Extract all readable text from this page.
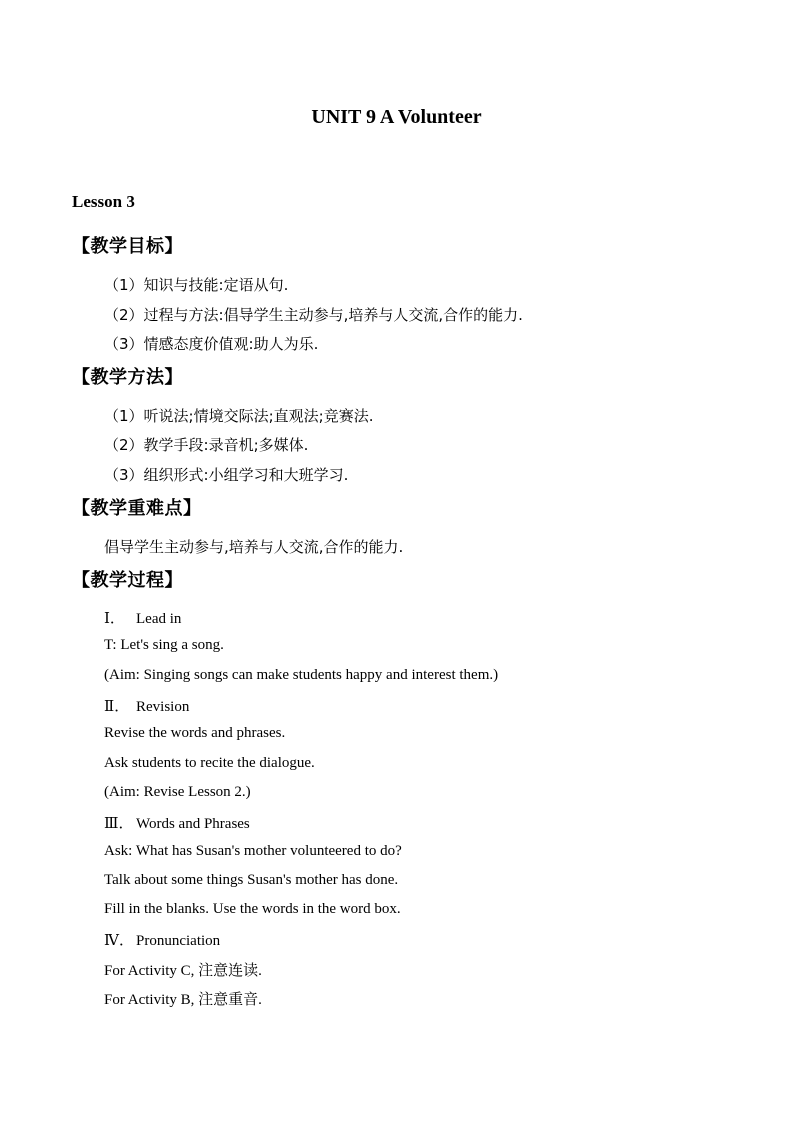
UNIT 9 A Volunteer
Lesson 3
【教学目标】
（1）知识与技能:定语从句.
（2）过程与方法:倡导学生主动参与,培养与人交流,合作的能力.
（3）情感态度价值观:助人为乐.
【教学方法】
（1）听说法;情境交际法;直观法;竞赛法.
（2）教学手段:录音机;多媒体.
（3）组织形式:小组学习和大班学习.
【教学重难点】
倡导学生主动参与,培养与人交流,合作的能力.
【教学过程】
Ⅰ． Lead in
T: Let's sing a song.
(Aim: Singing songs can make students happy and interest them.)
Ⅱ． Revision
Revise the words and phrases.
Ask students to recite the dialogue.
(Aim: Revise Lesson 2.)
Ⅲ． Words and Phrases
Ask: What has Susan's mother volunteered to do?
Talk about some things Susan's mother has done.
Fill in the blanks. Use the words in the word box.
Ⅳ． Pronunciation
For Activity C, 注意连读.
For Activity B, 注意重音.
